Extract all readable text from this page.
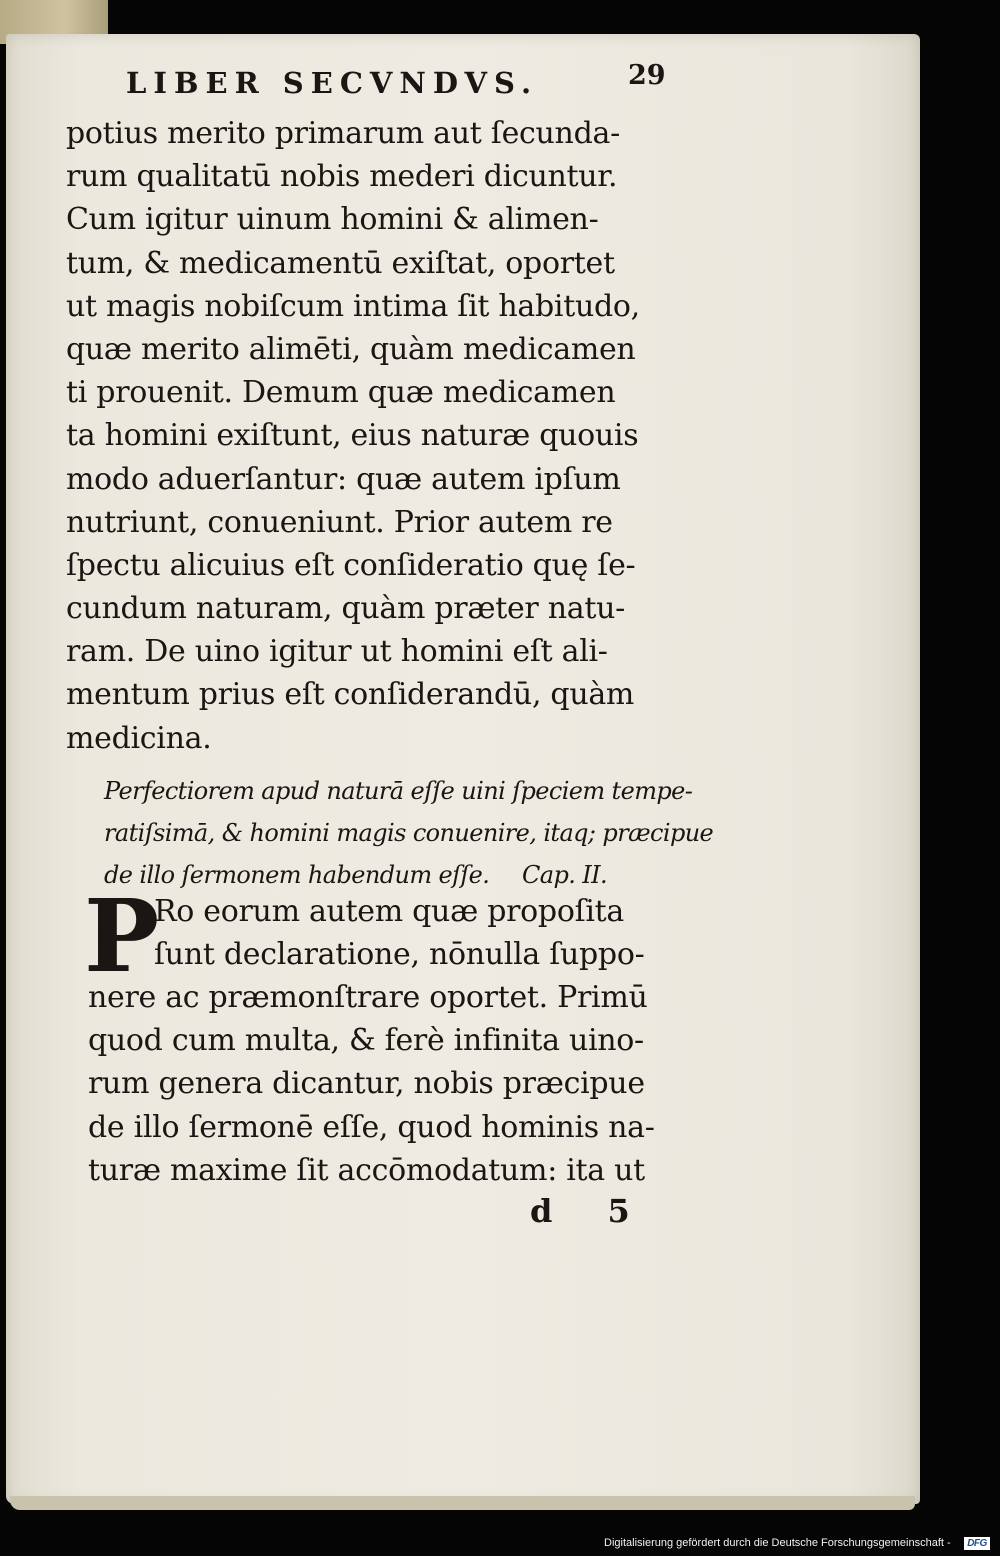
LIBER SECVNDVS.	29
potius merito primarum aut ſecunda-
rum qualitatū nobis mederi dicuntur.
Cum igitur uinum homini & alimen-
tum, & medicamentū exiſtat, oportet
ut magis nobiſcum intima ſit habitudo,
quæ merito alimēti, quàm medicamen
ti prouenit. Demum quæ medicamen
ta homini exiſtunt, eius naturæ quouis
modo aduerſantur: quæ autem ipſum
nutriunt, conueniunt. Prior autem re
ſpectu alicuius eſt conſideratio quę ſe-
cundum naturam, quàm præter natu-
ram. De uino igitur ut homini eſt ali-
mentum prius eſt conſiderandū, quàm
medicina.
Perfectiorem apud naturā eſſe uini ſpeciem tempe-
ratiſsimā, & homini magis conuenire, itaq; præcipue
de illo ſermonem habendum eſſe. Cap. II.
P
Ro eorum autem quæ propoſita
ſunt declaratione, nōnulla ſuppo-
nere ac præmonſtrare oportet. Primū
quod cum multa, & ferè infinita uino-
rum genera dicantur, nobis præcipue
de illo ſermonē eſſe, quod hominis na-
turæ maxime ſit accōmodatum: ita ut
d 5
Digitalisierung gefördert durch die Deutsche Forschungsgemeinschaft -	DFG
